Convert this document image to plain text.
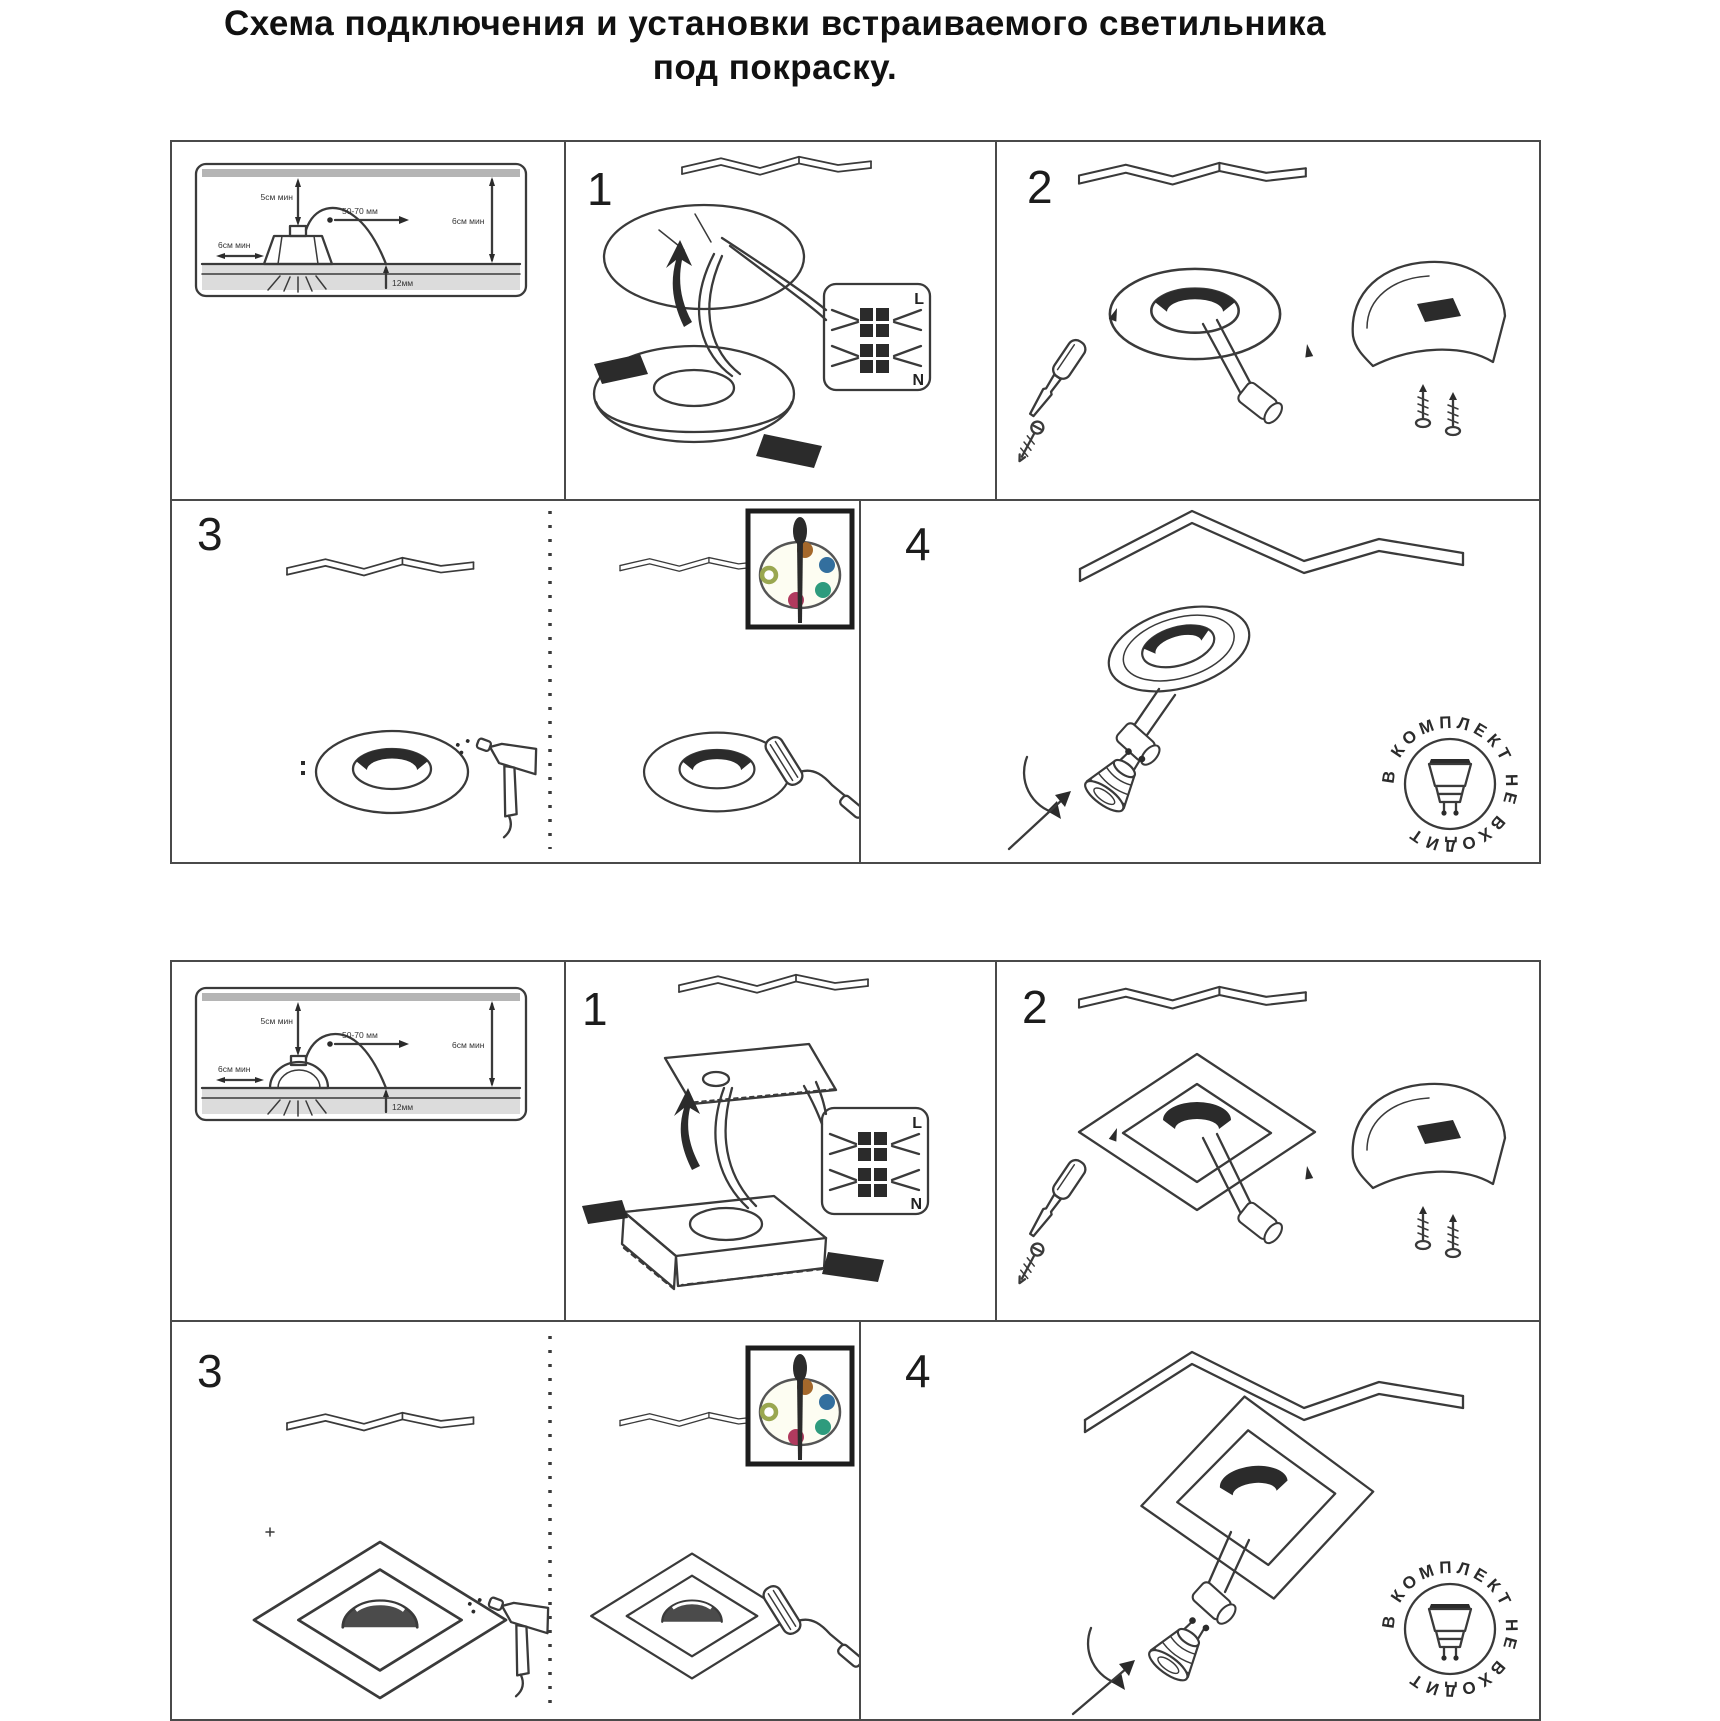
Схема подключения и установки встраиваемого светильника
под покраску.
1	2
3	4
1	2
3	4
